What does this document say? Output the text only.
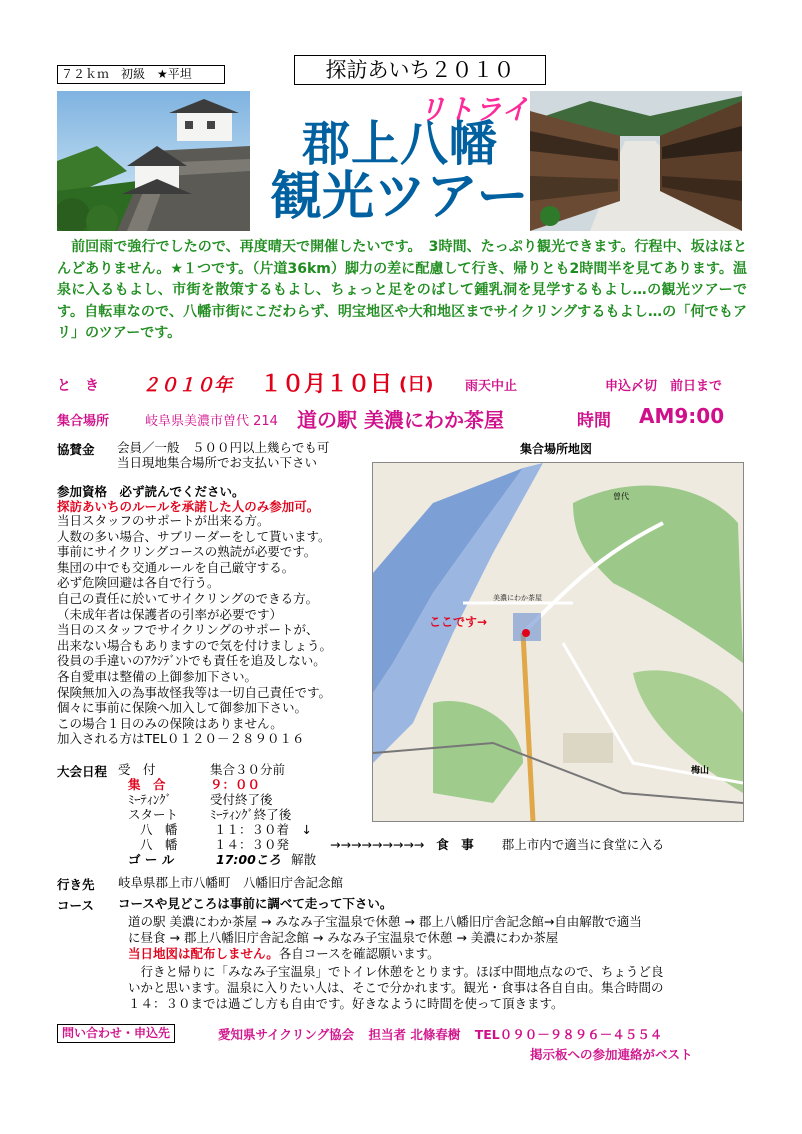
７２ｋｍ　初級　★平坦	探訪あいち２０１０
リトライ
郡上八幡
観光ツアー
　前回雨で強行でしたので、再度晴天で開催したいです。　3時間、たっぷり観光できます。行程中、坂はほとんどありません。★１つです。（片道36km）脚力の差に配慮して行き、帰りとも2時間半を見てあります。温泉に入るもよし、市街を散策するもよし、ちょっと足をのばして鍾乳洞を見学するもよし…の観光ツアーです。自転車なので、八幡市街にこだわらず、明宝地区や大和地区までサイクリングするもよし…の「何でもアリ」のツアーです。
と　き ２０１０年 １０月１０日 (日) 雨天中止	申込〆切　前日まで
集合場所	岐阜県美濃市曽代 214 道の駅 美濃にわか茶屋	時間 AM9:00
協賛金 会員／一般　５００円以上幾らでも可
当日現地集合場所でお支払い下さい
集合場所地図
ここです→
美濃にわか茶屋
梅山
曽代
参加資格　必ず読んでください。
探訪あいちのルールを承諾した人のみ参加可。
当日スタッフのサポートが出来る方。
人数の多い場合、サブリーダーをして貰います。
事前にサイクリングコースの熟読が必要です。
集団の中でも交通ルールを自己厳守する。
必ず危険回避は各自で行う。
自己の責任に於いてサイクリングのできる方。
（未成年者は保護者の引率が必要です）
当日のスタッフでサイクリングのサポートが、
出来ない場合もありますので気を付けましょう。
役員の手違いのｱｸｼﾃﾞﾝﾄでも責任を追及しない。
各自愛車は整備の上御参加下さい。
保険無加入の為事故怪我等は一切自己責任です。
個々に事前に保険へ加入して御参加下さい。
この場合１日のみの保険はありません。
加入される方はTEL０１２０－２８９０１６
大会日程 受　付	集合３０分前
集　合	９：００
ﾐｰﾃｨﾝｸﾞ	受付終了後
スタート	ﾐｰﾃｨﾝｸﾞ終了後
八　幡	１１：３０着　↓
八　幡	１４：３０発	→→→→→→→→→ 食　事 郡上市内で適当に食堂に入る
ゴ ー ル	17:00ころ 解散
行き先 岐阜県郡上市八幡町　八幡旧庁舎記念館
コース コースや見どころは事前に調べて走って下さい。
道の駅 美濃にわか茶屋 → みなみ子宝温泉で休憩 → 郡上八幡旧庁舎記念館→自由解散で適当
に昼食 → 郡上八幡旧庁舎記念館 → みなみ子宝温泉で休憩 → 美濃にわか茶屋
当日地図は配布しません。各自コースを確認願います。
　行きと帰りに「みなみ子宝温泉」でトイレ休憩をとります。ほぼ中間地点なので、ちょうど良
いかと思います。温泉に入りたい人は、そこで分かれます。観光・食事は各自自由。集合時間の
１４：３０までは過ごし方も自由です。好きなように時間を使って頂きます。
問い合わせ・申込先	愛知県サイクリング協会 担当者 北條春樹 TEL０９０－９８９６－４５５４
掲示板への参加連絡がベスト
